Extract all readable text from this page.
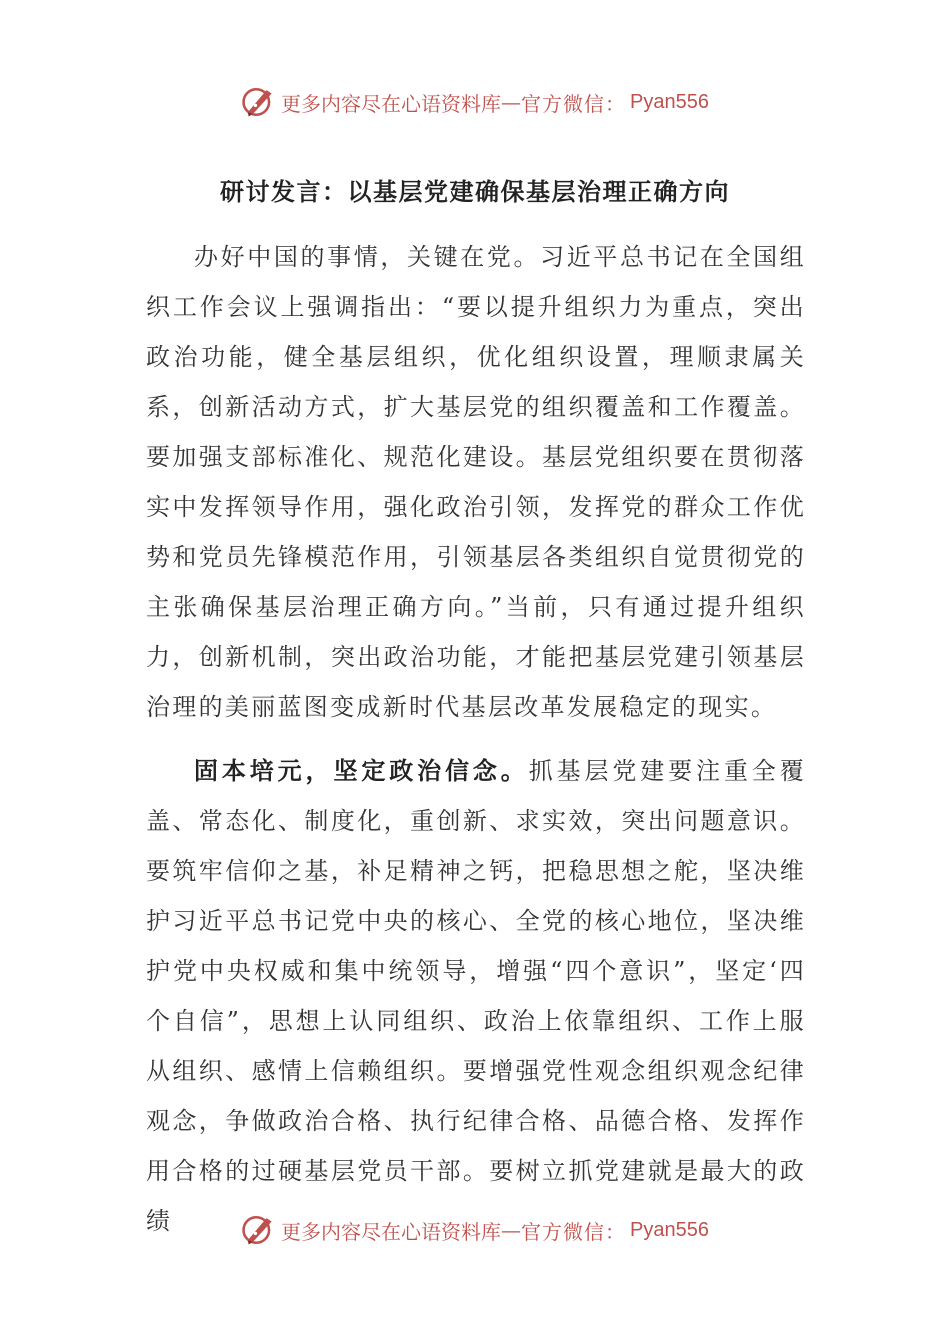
更多内容尽在心语资料库 — 官方微信： Pyan556
研讨发言：以基层党建确保基层治理正确方向

办好中国的事情，关键在党。习近平总书记在全国组织工作会议上强调指出：“要以提升组织力为重点，突出政治功能，健全基层组织，优化组织设置，理顺隶属关系，创新活动方式，扩大基层党的组织覆盖和工作覆盖。要加强支部标准化、规范化建设。基层党组织要在贯彻落实中发挥领导作用，强化政治引领，发挥党的群众工作优势和党员先锋模范作用，引领基层各类组织自觉贯彻党的主张确保基层治理正确方向。”当前，只有通过提升组织力，创新机制，突出政治功能，才能把基层党建引领基层治理的美丽蓝图变成新时代基层改革发展稳定的现实。

固本培元，坚定政治信念。抓基层党建要注重全覆盖、常态化、制度化，重创新、求实效，突出问题意识。要筑牢信仰之基，补足精神之钙，把稳思想之舵，坚决维护习近平总书记党中央的核心、全党的核心地位，坚决维护党中央权威和集中统领导，增强“四个意识”，坚定‘四个自信”，思想上认同组织、政治上依靠组织、工作上服从组织、感情上信赖组织。要增强党性观念组织观念纪律观念，争做政治合格、执行纪律合格、品德合格、发挥作用合格的过硬基层党员干部。要树立抓党建就是最大的政绩	更多内容尽在心语资料库 — 官方微信： Pyan556
